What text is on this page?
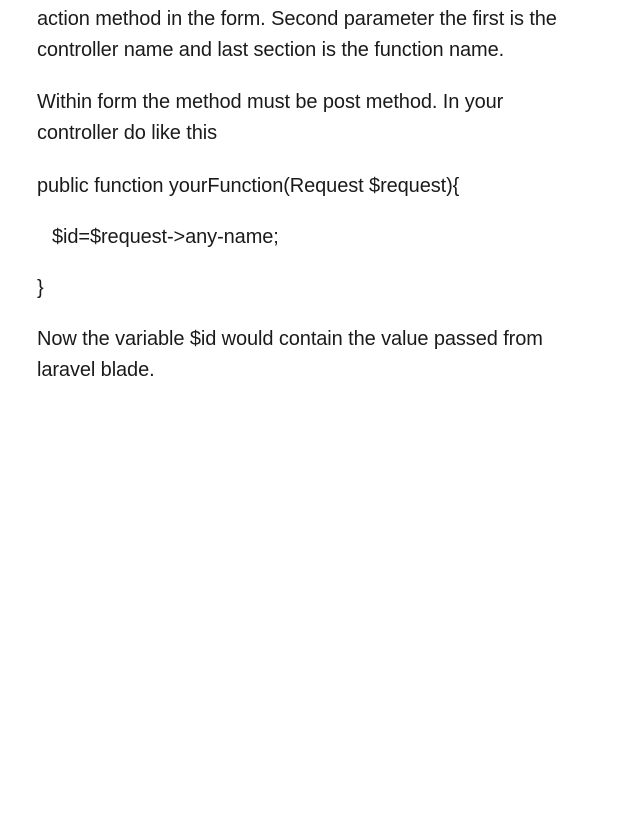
action method in the form. Second parameter the first is the
controller name and last section is the function name.
Within form the method must be post method. In your
controller do like this
public function yourFunction(Request $request){
$id=$request->any-name;
}
Now the variable $id would contain the value passed from
laravel blade.
